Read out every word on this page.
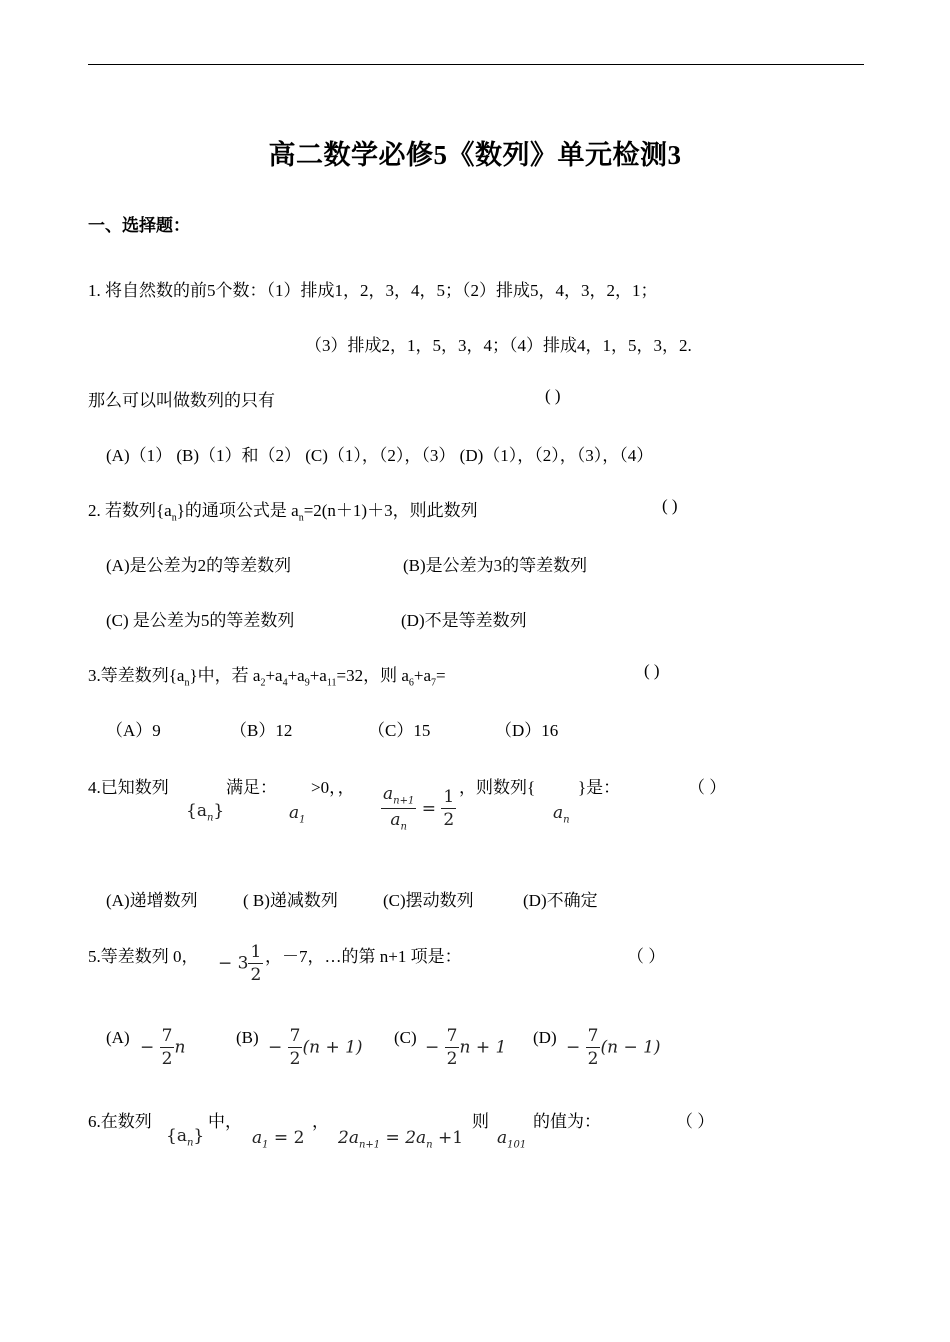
高二数学必修5《数列》单元检测3
一、选择题：
1. 将自然数的前5个数：（1）排成1，2，3，4，5；（2）排成5，4，3，2，1；
（3）排成2，1，5，3，4；（4）排成4，1，5，3，2.
那么可以叫做数列的只有	( )
(A)（1） (B)（1）和（2） (C)（1），（2），（3） (D)（1），（2），（3），（4）
2. 若数列$\{a_n\}$的通项公式是 $a_n=2(n+1)+3$，则此数列	( )
(A)是公差为2的等差数列	(B)是公差为3的等差数列
(C) 是公差为5的等差数列	(D)不是等差数列
3.等差数列$\{a_n\}$中，若 $a_2+a_4+a_9+a_{11}=32$，则 $a_6+a_7=$	( )
（A）9	（B）12	（C）15	（D）16
4.已知数列	满足： >0，，	，则数列{	}是：	（ ）
$\{a_n\}$	$a_1$	$\frac{a_{n+1}}{a_n} = \frac{1}{2}$	$a_n$
(A)递增数列	( B)递减数列	(C)摆动数列	(D)不确定
5.等差数列 0， − $3 \frac{1}{2}$ ，－7，…的第 n+1 项是：	（ ）
$(A) - \frac{7}{2}$ n	$(B) - \frac{7}{2} (n + 1) (C) - \frac{7}{2}$ n + 1 $(D) - \frac{7}{2} (n - 1)$
6.在数列	中，	，	则	的值为：	（ ）
$\{a_n\}$	$a_1 = 2$ $2a_{n+1} = 2a_n +1$ $a_{101}$
